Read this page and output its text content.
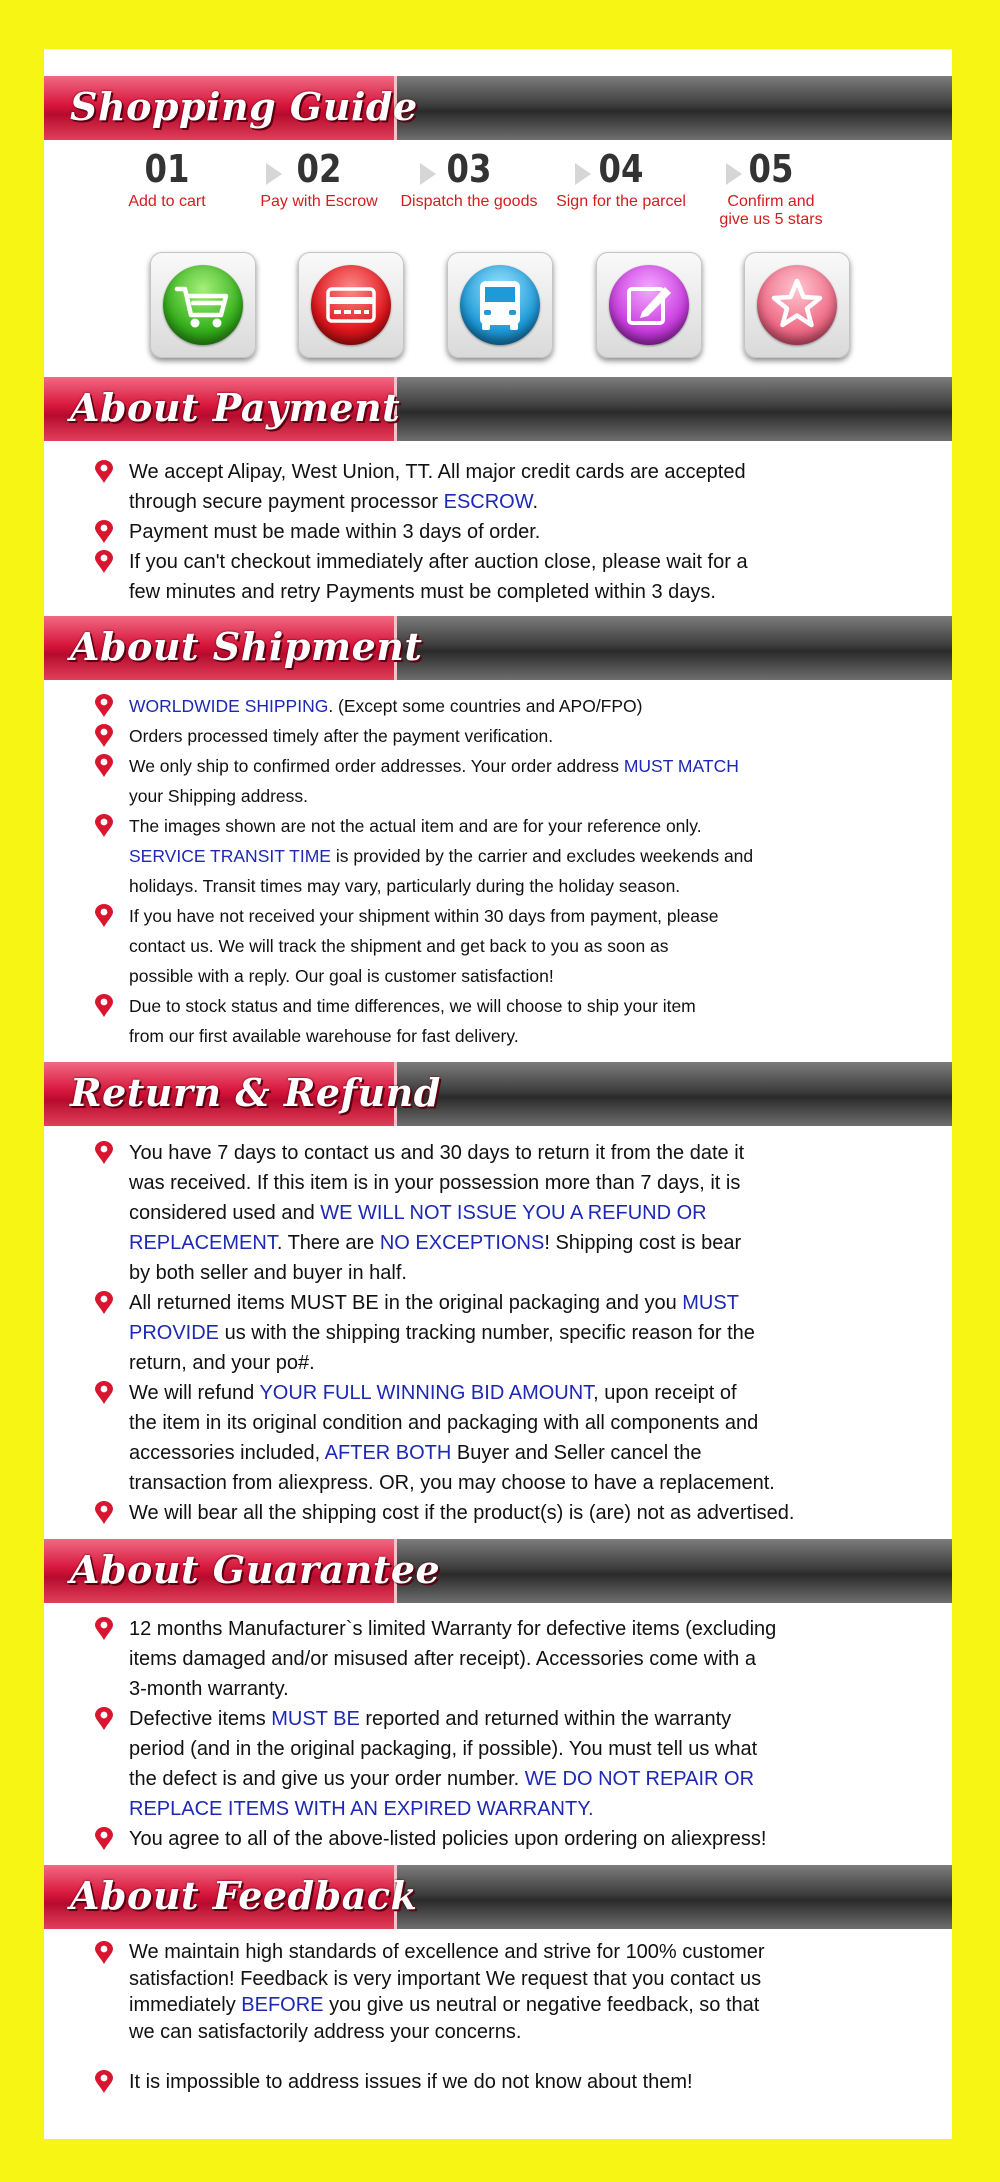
Shopping Guide
01
Add to cart
02
Pay with Escrow
03
Dispatch the goods
04
Sign for the parcel
05
Confirm and
give us 5 stars
About Payment
We accept Alipay, West Union, TT. All major credit cards are accepted
through secure payment processor ESCROW.
Payment must be made within 3 days of order.
If you can't checkout immediately after auction close, please wait for a
few minutes and retry Payments must be completed within 3 days.
About Shipment
WORLDWIDE SHIPPING. (Except some countries and APO/FPO)
Orders processed timely after the payment verification.
We only ship to confirmed order addresses. Your order address MUST MATCH
your Shipping address.
The images shown are not the actual item and are for your reference only.
SERVICE TRANSIT TIME is provided by the carrier and excludes weekends and
holidays. Transit times may vary, particularly during the holiday season.
If you have not received your shipment within 30 days from payment, please
contact us. We will track the shipment and get back to you as soon as
possible with a reply. Our goal is customer satisfaction!
Due to stock status and time differences, we will choose to ship your item
from our first available warehouse for fast delivery.
Return & Refund
You have 7 days to contact us and 30 days to return it from the date it
was received. If this item is in your possession more than 7 days, it is
considered used and WE WILL NOT ISSUE YOU A REFUND OR
REPLACEMENT. There are NO EXCEPTIONS! Shipping cost is bear
by both seller and buyer in half.
All returned items MUST BE in the original packaging and you MUST
PROVIDE us with the shipping tracking number, specific reason for the
return, and your po#.
We will refund YOUR FULL WINNING BID AMOUNT, upon receipt of
the item in its original condition and packaging with all components and
accessories included, AFTER BOTH Buyer and Seller cancel the
transaction from aliexpress. OR, you may choose to have a replacement.
We will bear all the shipping cost if the product(s) is (are) not as advertised.
About Guarantee
12 months Manufacturer`s limited Warranty for defective items (excluding
items damaged and/or misused after receipt). Accessories come with a
3-month warranty.
Defective items MUST BE reported and returned within the warranty
period (and in the original packaging, if possible). You must tell us what
the defect is and give us your order number. WE DO NOT REPAIR OR
REPLACE ITEMS WITH AN EXPIRED WARRANTY.
You agree to all of the above-listed policies upon ordering on aliexpress!
About Feedback
We maintain high standards of excellence and strive for 100% customer
satisfaction! Feedback is very important We request that you contact us
immediately BEFORE you give us neutral or negative feedback, so that
we can satisfactorily address your concerns.
It is impossible to address issues if we do not know about them!
